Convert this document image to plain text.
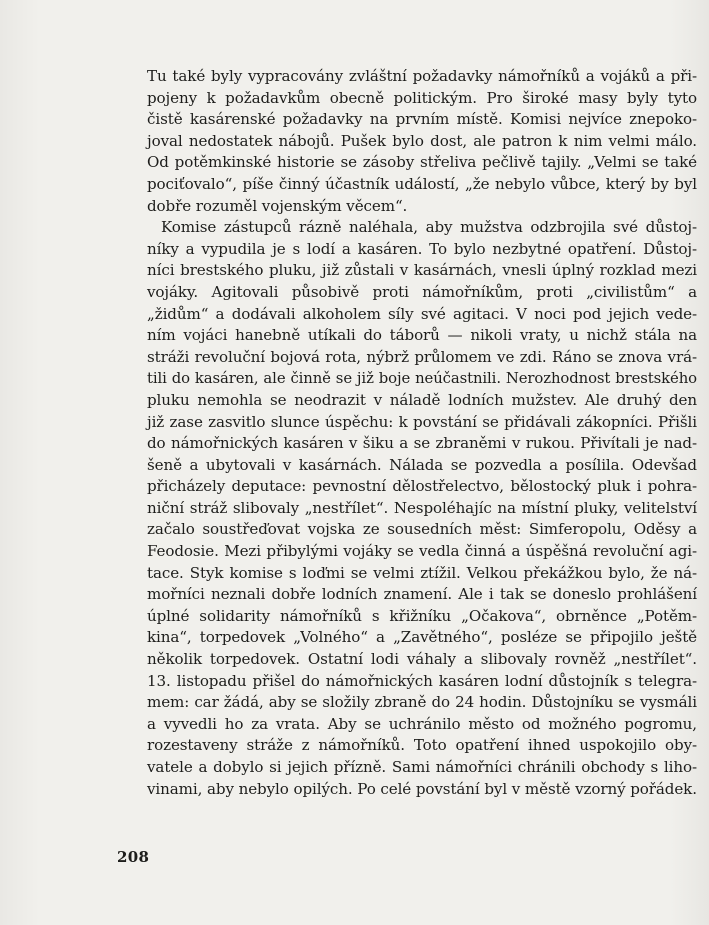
Tu také byly vypracovány zvláštní požadavky námořníků a vojáků a při-
pojeny k požadavkům obecně politickým. Pro široké masy byly tyto
čistě kasárenské požadavky na prvním místě. Komisi nejvíce znepoko-
joval nedostatek nábojů. Pušek bylo dost, ale patron k nim velmi málo.
Od potěmkinské historie se zásoby střeliva pečlivě tajily. „Velmi se také
pociťovalo“, píše činný účastník událostí, „že nebylo vůbce, který by byl
dobře rozuměl vojenským věcem“.
Komise zástupců rázně naléhala, aby mužstva odzbrojila své důstoj-
níky a vypudila je s lodí a kasáren. To bylo nezbytné opatření. Důstoj-
níci brestského pluku, již zůstali v kasárnách, vnesli úplný rozklad mezi
vojáky. Agitovali působivě proti námořníkům, proti „civilistům“ a
„židům“ a dodávali alkoholem síly své agitaci. V noci pod jejich vede-
ním vojáci hanebně utíkali do táborů — nikoli vraty, u nichž stála na
stráži revoluční bojová rota, nýbrž průlomem ve zdi. Ráno se znova vrá-
tili do kasáren, ale činně se již boje neúčastnili. Nerozhodnost brestského
pluku nemohla se neodrazit v náladě lodních mužstev. Ale druhý den
již zase zasvitlo slunce úspěchu: k povstání se přidávali zákopníci. Přišli
do námořnických kasáren v šiku a se zbraněmi v rukou. Přivítali je nad-
šeně a ubytovali v kasárnách. Nálada se pozvedla a posílila. Odevšad
přicházely deputace: pevnostní dělostřelectvo, bělostocký pluk i pohra-
niční stráž slibovaly „nestřílet“. Nespoléhajíc na místní pluky, velitelství
začalo soustřeďovat vojska ze sousedních měst: Simferopolu, Oděsy a
Feodosie. Mezi přibylými vojáky se vedla činná a úspěšná revoluční agi-
tace. Styk komise s loďmi se velmi ztížil. Velkou překážkou bylo, že ná-
mořníci neznali dobře lodních znamení. Ale i tak se doneslo prohlášení
úplné solidarity námořníků s křižníku „Očakova“, obrněnce „Potěm-
kina“, torpedovek „Volného“ a „Zavětného“, posléze se připojilo ještě
několik torpedovek. Ostatní lodi váhaly a slibovaly rovněž „nestřílet“.
13. listopadu přišel do námořnických kasáren lodní důstojník s telegra-
mem: car žádá, aby se složily zbraně do 24 hodin. Důstojníku se vysmáli
a vyvedli ho za vrata. Aby se uchránilo město od možného pogromu,
rozestaveny stráže z námořníků. Toto opatření ihned uspokojilo oby-
vatele a dobylo si jejich přízně. Sami námořníci chránili obchody s liho-
vinami, aby nebylo opilých. Po celé povstání byl v městě vzorný pořádek.
208
